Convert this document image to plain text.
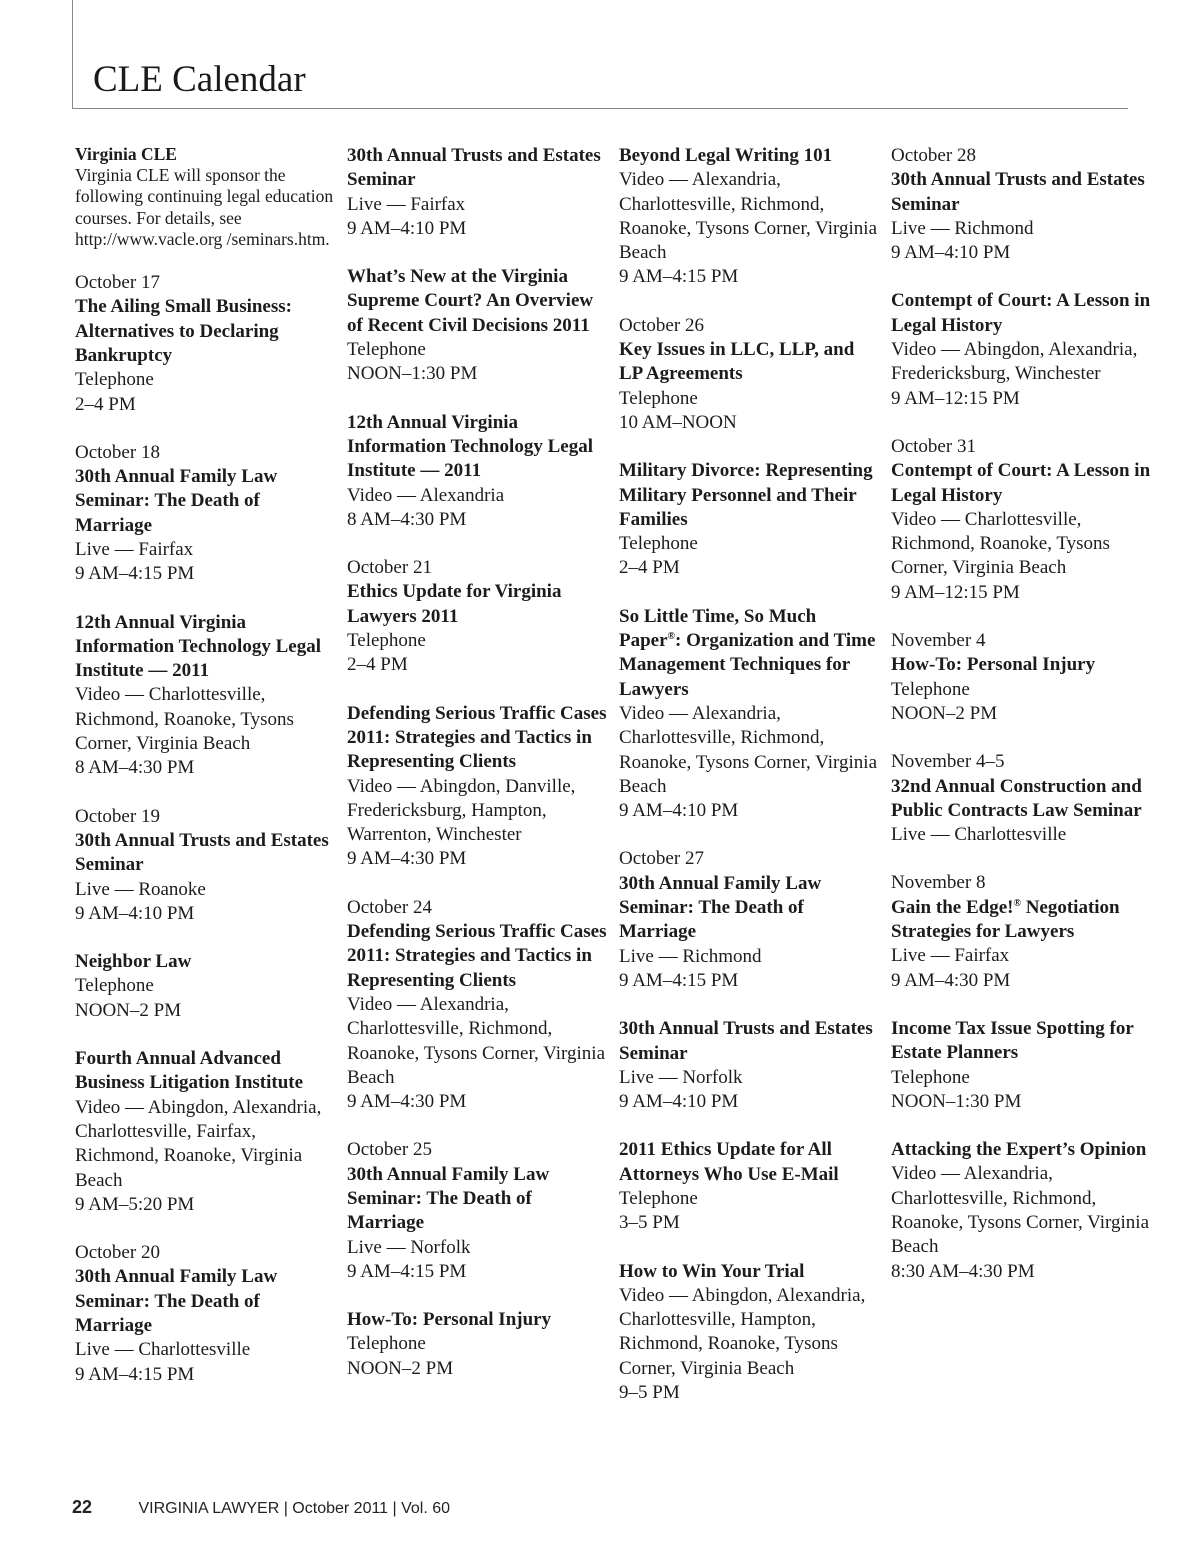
CLE Calendar
Virginia CLE
Virginia CLE will sponsor the following continuing legal education courses. For details, see http://www.vacle.org /seminars.htm.
October 17
The Ailing Small Business: Alternatives to Declaring Bankruptcy
Telephone
2–4 PM
October 18
30th Annual Family Law Seminar: The Death of Marriage
Live — Fairfax
9 AM–4:15 PM
12th Annual Virginia Information Technology Legal Institute — 2011
Video — Charlottesville, Richmond, Roanoke, Tysons Corner, Virginia Beach
8 AM–4:30 PM
October 19
30th Annual Trusts and Estates Seminar
Live — Roanoke
9 AM–4:10 PM
Neighbor Law
Telephone
NOON–2 PM
Fourth Annual Advanced Business Litigation Institute
Video — Abingdon, Alexandria, Charlottesville, Fairfax, Richmond, Roanoke, Virginia Beach
9 AM–5:20 PM
October 20
30th Annual Family Law Seminar: The Death of Marriage
Live — Charlottesville
9 AM–4:15 PM
30th Annual Trusts and Estates Seminar
Live — Fairfax
9 AM–4:10 PM
What’s New at the Virginia Supreme Court? An Overview of Recent Civil Decisions 2011
Telephone
NOON–1:30 PM
12th Annual Virginia Information Technology Legal Institute — 2011
Video — Alexandria
8 AM–4:30 PM
October 21
Ethics Update for Virginia Lawyers 2011
Telephone
2–4 PM
Defending Serious Traffic Cases 2011: Strategies and Tactics in Representing Clients
Video — Abingdon, Danville, Fredericksburg, Hampton, Warrenton, Winchester
9 AM–4:30 PM
October 24
Defending Serious Traffic Cases 2011: Strategies and Tactics in Representing Clients
Video — Alexandria, Charlottesville, Richmond, Roanoke, Tysons Corner, Virginia Beach
9 AM–4:30 PM
October 25
30th Annual Family Law Seminar: The Death of Marriage
Live — Norfolk
9 AM–4:15 PM
How-To: Personal Injury
Telephone
NOON–2 PM
Beyond Legal Writing 101
Video — Alexandria, Charlottesville, Richmond, Roanoke, Tysons Corner, Virginia Beach
9 AM–4:15 PM
October 26
Key Issues in LLC, LLP, and LP Agreements
Telephone
10 AM–NOON
Military Divorce: Representing Military Personnel and Their Families
Telephone
2–4 PM
So Little Time, So Much Paper®: Organization and Time Management Techniques for Lawyers
Video — Alexandria, Charlottesville, Richmond, Roanoke, Tysons Corner, Virginia Beach
9 AM–4:10 PM
October 27
30th Annual Family Law Seminar: The Death of Marriage
Live — Richmond
9 AM–4:15 PM
30th Annual Trusts and Estates Seminar
Live — Norfolk
9 AM–4:10 PM
2011 Ethics Update for All Attorneys Who Use E-Mail
Telephone
3–5 PM
How to Win Your Trial
Video — Abingdon, Alexandria, Charlottesville, Hampton, Richmond, Roanoke, Tysons Corner, Virginia Beach
9–5 PM
October 28
30th Annual Trusts and Estates Seminar
Live — Richmond
9 AM–4:10 PM
Contempt of Court: A Lesson in Legal History
Video — Abingdon, Alexandria, Fredericksburg, Winchester
9 AM–12:15 PM
October 31
Contempt of Court: A Lesson in Legal History
Video — Charlottesville, Richmond, Roanoke, Tysons Corner, Virginia Beach
9 AM–12:15 PM
November 4
How-To: Personal Injury
Telephone
NOON–2 PM
November 4–5
32nd Annual Construction and Public Contracts Law Seminar
Live — Charlottesville
November 8
Gain the Edge!® Negotiation Strategies for Lawyers
Live — Fairfax
9 AM–4:30 PM
Income Tax Issue Spotting for Estate Planners
Telephone
NOON–1:30 PM
Attacking the Expert’s Opinion
Video — Alexandria, Charlottesville, Richmond, Roanoke, Tysons Corner, Virginia Beach
8:30 AM–4:30 PM
22	VIRGINIA LAWYER | October 2011 | Vol. 60
